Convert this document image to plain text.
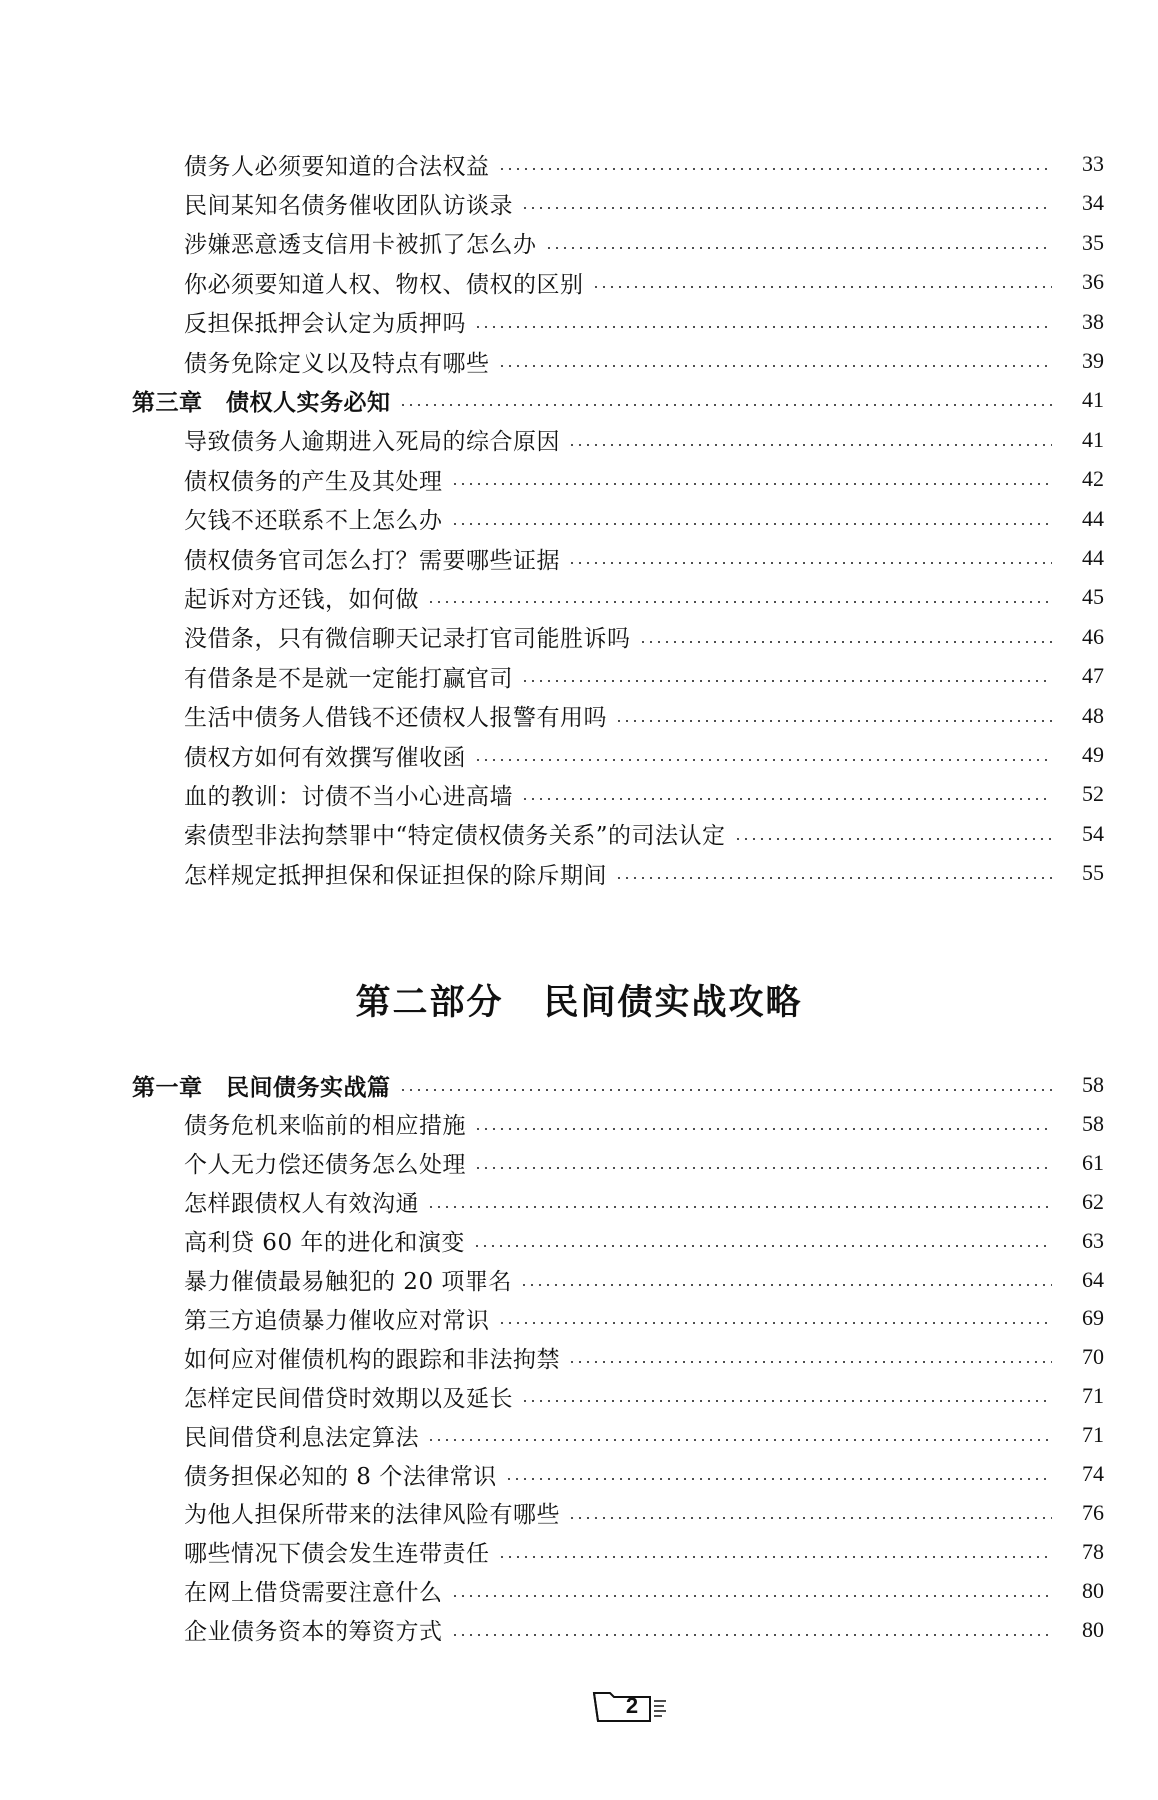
债务人必须要知道的合法权益	33
民间某知名债务催收团队访谈录	34
涉嫌恶意透支信用卡被抓了怎么办	35
你必须要知道人权、物权、债权的区别	36
反担保抵押会认定为质押吗	38
债务免除定义以及特点有哪些	39
第三章　债权人实务必知	41
导致债务人逾期进入死局的综合原因	41
债权债务的产生及其处理	42
欠钱不还联系不上怎么办	44
债权债务官司怎么打？需要哪些证据	44
起诉对方还钱，如何做	45
没借条，只有微信聊天记录打官司能胜诉吗	46
有借条是不是就一定能打赢官司	47
生活中债务人借钱不还债权人报警有用吗	48
债权方如何有效撰写催收函	49
血的教训：讨债不当小心进高墙	52
索债型非法拘禁罪中“特定债权债务关系”的司法认定	54
怎样规定抵押担保和保证担保的除斥期间	55
第二部分 民间债实战攻略
第一章　民间债务实战篇	58
债务危机来临前的相应措施	58
个人无力偿还债务怎么处理	61
怎样跟债权人有效沟通	62
高利贷 60 年的进化和演变	63
暴力催债最易触犯的 20 项罪名	64
第三方追债暴力催收应对常识	69
如何应对催债机构的跟踪和非法拘禁	70
怎样定民间借贷时效期以及延长	71
民间借贷利息法定算法	71
债务担保必知的 8 个法律常识	74
为他人担保所带来的法律风险有哪些	76
哪些情况下债会发生连带责任	78
在网上借贷需要注意什么	80
企业债务资本的筹资方式	80
2
